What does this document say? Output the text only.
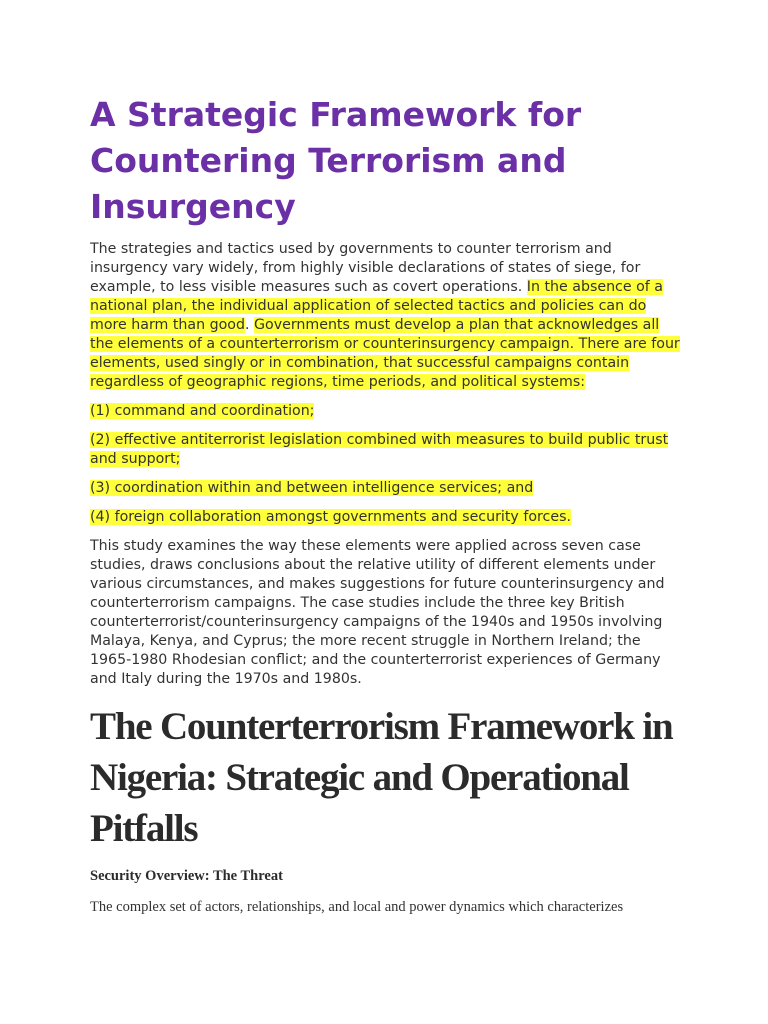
A Strategic Framework for Countering Terrorism and Insurgency

The strategies and tactics used by governments to counter terrorism and insurgency vary widely, from highly visible declarations of states of siege, for example, to less visible measures such as covert operations. In the absence of a national plan, the individual application of selected tactics and policies can do more harm than good. Governments must develop a plan that acknowledges all the elements of a counterterrorism or counterinsurgency campaign. There are four elements, used singly or in combination, that successful campaigns contain regardless of geographic regions, time periods, and political systems:

(1) command and coordination;

(2) effective antiterrorist legislation combined with measures to build public trust and support;

(3) coordination within and between intelligence services; and

(4) foreign collaboration amongst governments and security forces.

This study examines the way these elements were applied across seven case studies, draws conclusions about the relative utility of different elements under various circumstances, and makes suggestions for future counterinsurgency and counterterrorism campaigns. The case studies include the three key British counterterrorist/counterinsurgency campaigns of the 1940s and 1950s involving Malaya, Kenya, and Cyprus; the more recent struggle in Northern Ireland; the 1965-1980 Rhodesian conflict; and the counterterrorist experiences of Germany and Italy during the 1970s and 1980s.

The Counterterrorism Framework in Nigeria: Strategic and Operational Pitfalls

Security Overview: The Threat

The complex set of actors, relationships, and local and power dynamics which characterizes
